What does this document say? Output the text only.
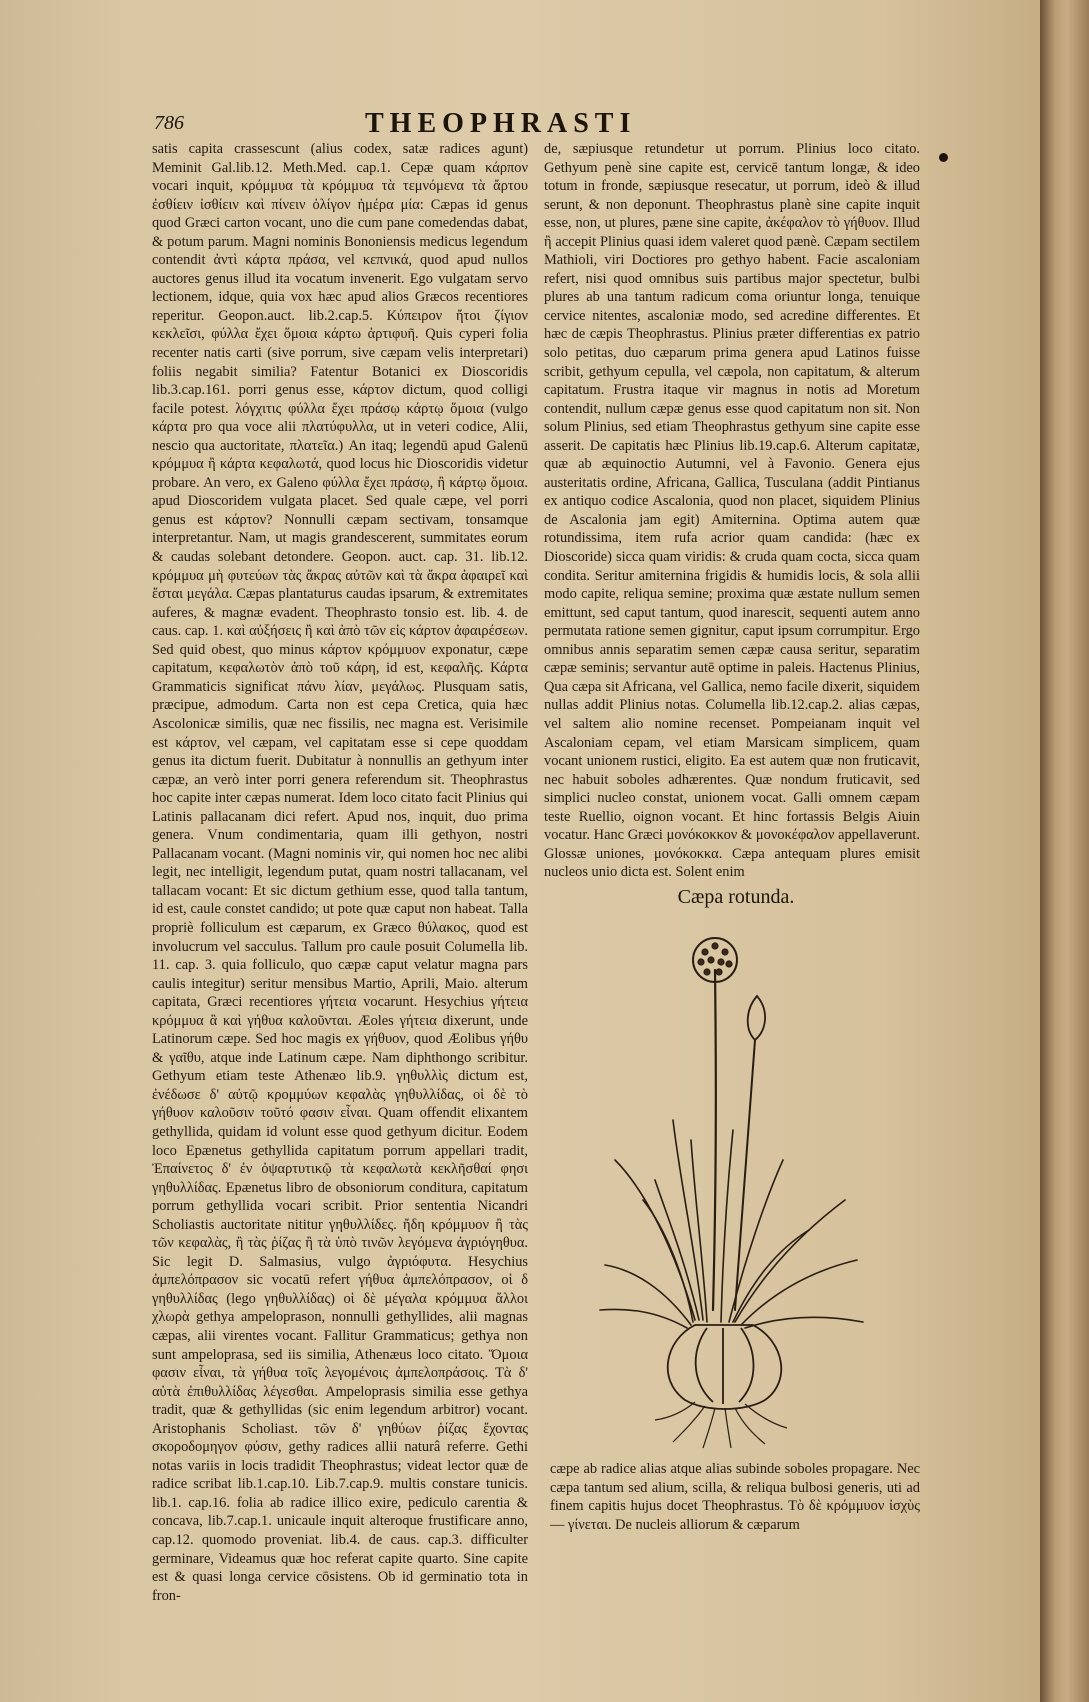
786	THEOPHRASTI
satis capita crassescunt (alius codex, satæ radices agunt) Meminit Gal.lib.12. Meth.Med. cap.1. Cepæ quam κάρπον vocari inquit, κρόμμυα τὰ κρόμμυα τὰ τεμνόμενα τὰ ἄρτου ἐσθίειν ἰσθίειν καὶ πίνειν ὀλίγον ἡμέρα μία: Cæpas id genus quod Græci carton vocant, uno die cum pane comedendas dabat, & potum parum. Magni nominis Bononiensis medicus legendum contendit ἀντὶ κάρτα πράσα, vel κεπνικά, quod apud nullos auctores genus illud ita vocatum invenerit. Ego vulgatam servo lectionem, idque, quia vox hæc apud alios Græcos recentiores reperitur. Geopon.auct. lib.2.cap.5. Κύπειρον ἤτοι ζίγιον κεκλεῖσι, φύλλα ἔχει ὅμοια κάρτω ἀρτιφυῆ. Quis cyperi folia recenter natis carti (sive porrum, sive cæpam velis interpretari) foliis negabit similia? Fatentur Botanici ex Dioscoridis lib.3.cap.161. porri genus esse, κάρτον dictum, quod colligi facile potest. λόγχιτις φύλλα ἔχει πράσῳ κάρτῳ ὅμοια (vulgo κάρτα pro qua voce alii πλατύφυλλα, ut in veteri codice, Alii, nescio qua auctoritate, πλατεῖα.) An itaq; legendū apud Galenū κρόμμυα ἢ κάρτα κεφαλωτά, quod locus hic Dioscoridis videtur probare. An vero, ex Galeno φύλλα ἔχει πράσῳ, ἢ κάρτῳ ὅμοια. apud Dioscoridem vulgata placet. Sed quale cæpe, vel porri genus est κάρτον? Nonnulli cæpam sectivam, tonsamque interpretantur. Nam, ut magis grandescerent, summitates eorum & caudas solebant detondere. Geopon. auct. cap. 31. lib.12. κρόμμυα μὴ φυτεύων τὰς ἄκρας αὐτῶν καὶ τὰ ἄκρα ἀφαιρεῖ καὶ ἔσται μεγάλα. Cæpas plantaturus caudas ipsarum, & extremitates auferes, & magnæ evadent. Theophrasto tonsio est. lib. 4. de caus. cap. 1. καὶ αὐξήσεις ἢ καὶ ἀπὸ τῶν εἰς κάρτον ἀφαιρέσεων. Sed quid obest, quo minus κάρτον κρόμμυον exponatur, cæpe capitatum, κεφαλωτὸν ἀπὸ τοῦ κάρη, id est, κεφαλῆς. Κάρτα Grammaticis significat πάνυ λίαν, μεγάλως. Plusquam satis, præcipue, admodum. Carta non est cepa Cretica, quia hæc Ascolonicæ similis, quæ nec fissilis, nec magna est. Verisimile est κάρτον, vel cæpam, vel capitatam esse si cepe quoddam genus ita dictum fuerit. Dubitatur à nonnullis an gethyum inter cæpæ, an verò inter porri genera referendum sit. Theophrastus hoc capite inter cæpas numerat. Idem loco citato facit Plinius qui Latinis pallacanam dici refert. Apud nos, inquit, duo prima genera. Vnum condimentaria, quam illi gethyon, nostri Pallacanam vocant. (Magni nominis vir, qui nomen hoc nec alibi legit, nec intelligit, legendum putat, quam nostri tallacanam, vel tallacam vocant: Et sic dictum gethium esse, quod talla tantum, id est, caule constet candido; ut pote quæ caput non habeat. Talla propriè folliculum est cæparum, ex Græco θύλακος, quod est involucrum vel sacculus. Tallum pro caule posuit Columella lib. 11. cap. 3. quia folliculo, quo cæpæ caput velatur magna pars caulis integitur) seritur mensibus Martio, Aprili, Maio. alterum capitata, Græci recentiores γήτεια vocarunt. Hesychius γήτεια κρόμμυα ἃ καὶ γήθυα καλοῦνται. Æoles γήτεια dixerunt, unde Latinorum cæpe. Sed hoc magis ex γήθυον, quod Æolibus γήθυ & γαῖθυ, atque inde Latinum cæpe. Nam diphthongo scribitur. Gethyum etiam teste Athenæo lib.9. γηθυλλὶς dictum est, ἐνέδωσε δ' αὐτῷ κρομμύων κεφαλὰς γηθυλλίδας, οἱ δὲ τὸ γήθυον καλοῦσιν τοῦτό φασιν εἶναι. Quam offendit elixantem gethyllida, quidam id volunt esse quod gethyum dicitur. Eodem loco Epænetus gethyllida capitatum porrum appellari tradit, Ἐπαίνετος δ' ἐν ὀψαρτυτικῷ τὰ κεφαλωτὰ κεκλῆσθαί φησι γηθυλλίδας. Epænetus libro de obsoniorum conditura, capitatum porrum gethyllida vocari scribit. Prior sententia Nicandri Scholiastis auctoritate nititur γηθυλλίδες. ἤδη κρόμμυον ἢ τὰς τῶν κεφαλὰς, ἢ τὰς ῥίζας ἢ τὰ ὑπὸ τινῶν λεγόμενα ἀγριόγηθυα. Sic legit D. Salmasius, vulgo ἀγριόφυτα. Hesychius ἀμπελόπρασον sic vocatū refert γήθυα ἀμπελόπρασον, οἱ δ γηθυλλίδας (lego γηθυλλίδας) οἱ δὲ μέγαλα κρόμμυα ἄλλοι χλωρὰ gethya ampeloprason, nonnulli gethyllides, alii magnas cæpas, alii virentes vocant. Fallitur Grammaticus; gethya non sunt ampeloprasa, sed iis similia, Athenæus loco citato. Ὅμοια φασιν εἶναι, τὰ γήθυα τοῖς λεγομένοις ἀμπελοπράσοις. Τὰ δ' αὐτὰ ἐπιθυλλίδας λέγεσθαι. Ampeloprasis similia esse gethya tradit, quæ & gethyllidas (sic enim legendum arbitror) vocant. Aristophanis Scholiast. τῶν δ' γηθύων ῥίζας ἔχοντας σκοροδομηγον φύσιν, gethy radices allii naturâ referre. Gethi notas variis in locis tradidit Theophrastus; videat lector quæ de radice scribat lib.1.cap.10. Lib.7.cap.9. multis constare tunicis. lib.1. cap.16. folia ab radice illico exire, pediculo carentia & concava, lib.7.cap.1. unicaule inquit alteroque frustificare anno, cap.12. quomodo proveniat. lib.4. de caus. cap.3. difficulter germinare, Videamus quæ hoc referat capite quarto. Sine capite est & quasi longa cervice cōsistens. Ob id germinatio tota in fron-
de, sæpiusque retundetur ut porrum. Plinius loco citato. Gethyum penè sine capite est, cervicē tantum longæ, & ideo totum in fronde, sæpiusque resecatur, ut porrum, ideò & illud serunt, & non deponunt. Theophrastus planè sine capite inquit esse, non, ut plures, pæne sine capite, ἀκέφαλον τὸ γήθυον. Illud ἢ accepit Plinius quasi idem valeret quod pænè. Cæpam sectilem Mathioli, viri Doctiores pro gethyo habent. Facie ascaloniam refert, nisi quod omnibus suis partibus major spectetur, bulbi plures ab una tantum radicum coma oriuntur longa, tenuique cervice nitentes, ascaloniæ modo, sed acredine differentes. Et hæc de cæpis Theophrastus. Plinius præter differentias ex patrio solo petitas, duo cæparum prima genera apud Latinos fuisse scribit, gethyum cepulla, vel cæpola, non capitatum, & alterum capitatum. Frustra itaque vir magnus in notis ad Moretum contendit, nullum cæpæ genus esse quod capitatum non sit. Non solum Plinius, sed etiam Theophrastus gethyum sine capite esse asserit. De capitatis hæc Plinius lib.19.cap.6. Alterum capitatæ, quæ ab æquinoctio Autumni, vel à Favonio. Genera ejus austeritatis ordine, Africana, Gallica, Tusculana (addit Pintianus ex antiquo codice Ascalonia, quod non placet, siquidem Plinius de Ascalonia jam egit) Amiternina. Optima autem quæ rotundissima, item rufa acrior quam candida: (hæc ex Dioscoride) sicca quam viridis: & cruda quam cocta, sicca quam condita. Seritur amiternina frigidis & humidis locis, & sola allii modo capite, reliqua semine; proxima quæ æstate nullum semen emittunt, sed caput tantum, quod inarescit, sequenti autem anno permutata ratione semen gignitur, caput ipsum corrumpitur. Ergo omnibus annis separatim semen cæpæ causa seritur, separatim cæpæ seminis; servantur autē optime in paleis. Hactenus Plinius, Qua cæpa sit Africana, vel Gallica, nemo facile dixerit, siquidem nullas addit Plinius notas. Columella lib.12.cap.2. alias cæpas, vel saltem alio nomine recenset. Pompeianam inquit vel Ascaloniam cepam, vel etiam Marsicam simplicem, quam vocant unionem rustici, eligito. Ea est autem quæ non fruticavit, nec habuit soboles adhærentes. Quæ nondum fruticavit, sed simplici nucleo constat, unionem vocat. Galli omnem cæpam teste Ruellio, oignon vocant. Et hinc fortassis Belgis Aiuin vocatur. Hanc Græci μονόκοκκον & μονοκέφαλον appellaverunt. Glossæ uniones, μονόκοκκα. Cæpa antequam plures emisit nucleos unio dicta est. Solent enim
Cæpa rotunda.
cæpe ab radice alias atque alias subinde soboles propagare. Nec cæpa tantum sed alium, scilla, & reliqua bulbosi generis, uti ad finem capitis hujus docet Theophrastus. Τὸ δὲ κρόμμυον ἰσχὺς — γίνεται. De nucleis alliorum & cæparum
